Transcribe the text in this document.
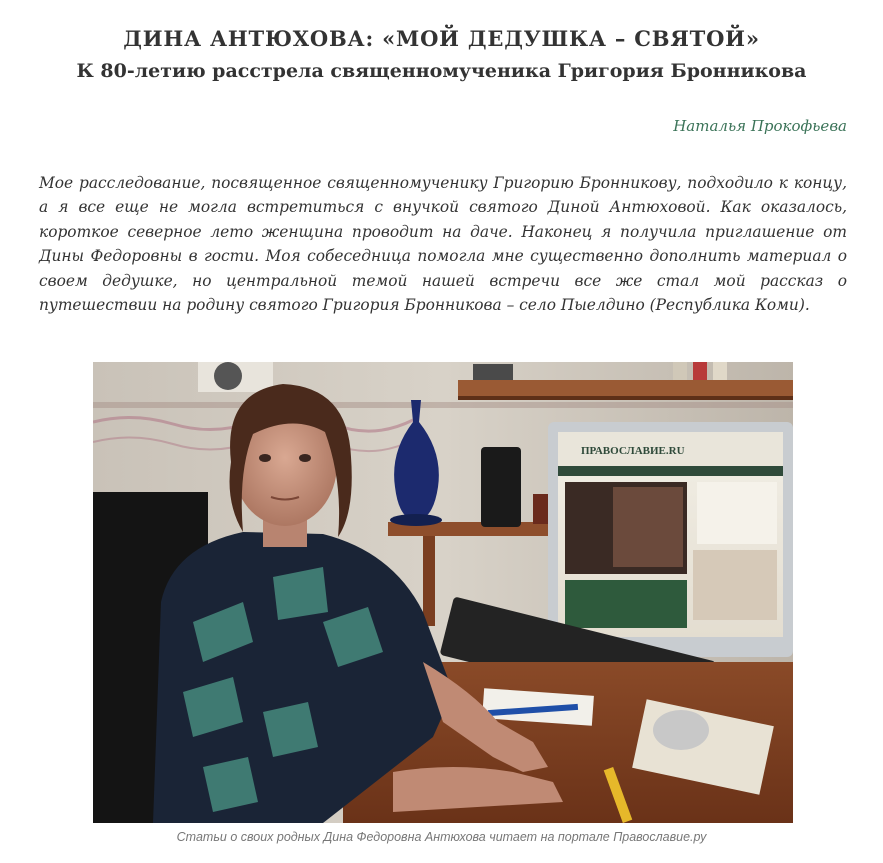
ДИНА АНТЮХОВА: «МОЙ ДЕДУШКА – СВЯТОЙ»
К 80-летию расстрела священномученика Григория Бронникова
Наталья Прокофьева

Мое расследование, посвященное священномученику Григорию Бронникову, подходило к концу, а я все еще не могла встретиться с внучкой святого Диной Антюховой. Как оказалось, короткое северное лето женщина проводит на даче. Наконец я получила приглашение от Дины Федоровны в гости. Моя собеседница помогла мне существенно дополнить материал о своем дедушке, но центральной темой нашей встречи все же стал мой рассказ о путешествии на родину святого Григория Бронникова – село Пыелдино (Республика Коми).

ПРАВОСЛАВИЕ.RU
Статьи о своих родных Дина Федоровна Антюхова читает на портале Православие.ру
